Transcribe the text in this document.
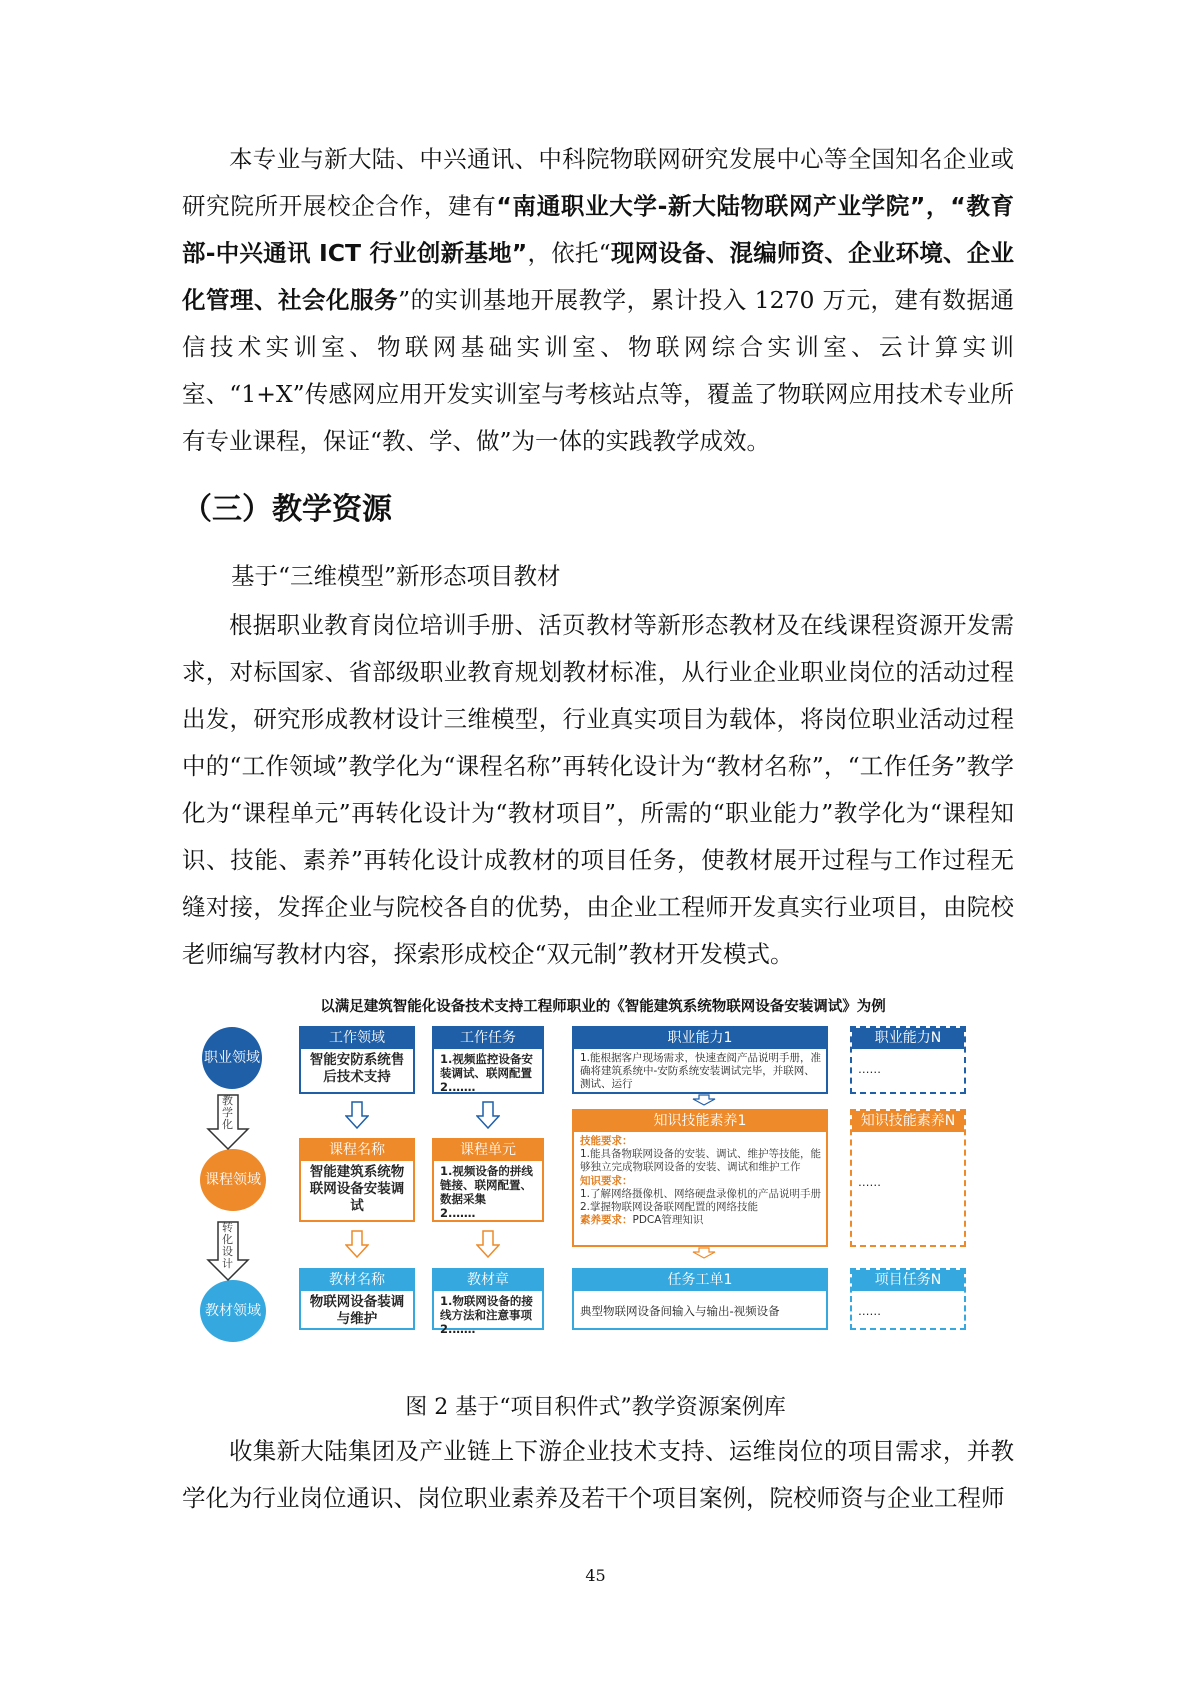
本专业与新大陆、中兴通讯、中科院物联网研究发展中心等全国知名企业或研究院所开展校企合作，建有“南通职业大学-新大陆物联网产业学院”，“教育部-中兴通讯 ICT 行业创新基地”，依托“现网设备、混编师资、企业环境、企业化管理、社会化服务”的实训基地开展教学，累计投入 1270 万元，建有数据通信技术实训室、物联网基础实训室、物联网综合实训室、云计算实训室、“1+X”传感网应用开发实训室与考核站点等，覆盖了物联网应用技术专业所有专业课程，保证“教、学、做”为一体的实践教学成效。

（三）教学资源
基于“三维模型”新形态项目教材

根据职业教育岗位培训手册、活页教材等新形态教材及在线课程资源开发需求，对标国家、省部级职业教育规划教材标准，从行业企业职业岗位的活动过程出发，研究形成教材设计三维模型，行业真实项目为载体，将岗位职业活动过程中的“工作领域”教学化为“课程名称”再转化设计为“教材名称”，“工作任务”教学化为“课程单元”再转化设计为“教材项目”，所需的“职业能力”教学化为“课程知识、技能、素养”再转化设计成教材的项目任务，使教材展开过程与工作过程无缝对接，发挥企业与院校各自的优势，由企业工程师开发真实行业项目，由院校老师编写教材内容，探索形成校企“双元制”教材开发模式。

以满足建筑智能化设备技术支持工程师职业的《智能建筑系统物联网设备安装调试》为例
职业领域
课程领域
教材领域
教学化
转化设计
工作领域
智能安防系统售后技术支持
工作任务
1.视频监控设备安装调试、联网配置
2.……
职业能力1
1.能根据客户现场需求，快速查阅产品说明手册，准确将建筑系统中-安防系统安装调试完毕，并联网、测试、运行
职业能力N
……
课程名称
智能建筑系统物联网设备安装调试
课程单元
1.视频设备的拼线链接、联网配置、数据采集
2.……
知识技能素养1
技能要求：
1.能具备物联网设备的安装、调试、维护等技能，能够独立完成物联网设备的安装、调试和维护工作
知识要求：
1.了解网络摄像机、网络硬盘录像机的产品说明手册
2.掌握物联网设备联网配置的网络技能
素养要求：PDCA管理知识
知识技能素养N
……
教材名称
物联网设备装调与维护
教材章
1.物联网设备的接线方法和注意事项
2.……
任务工单1
典型物联网设备间输入与输出-视频设备
项目任务N
……
图 2 基于“项目积件式”教学资源案例库

收集新大陆集团及产业链上下游企业技术支持、运维岗位的项目需求，并教学化为行业岗位通识、岗位职业素养及若干个项目案例，院校师资与企业工程师

45
